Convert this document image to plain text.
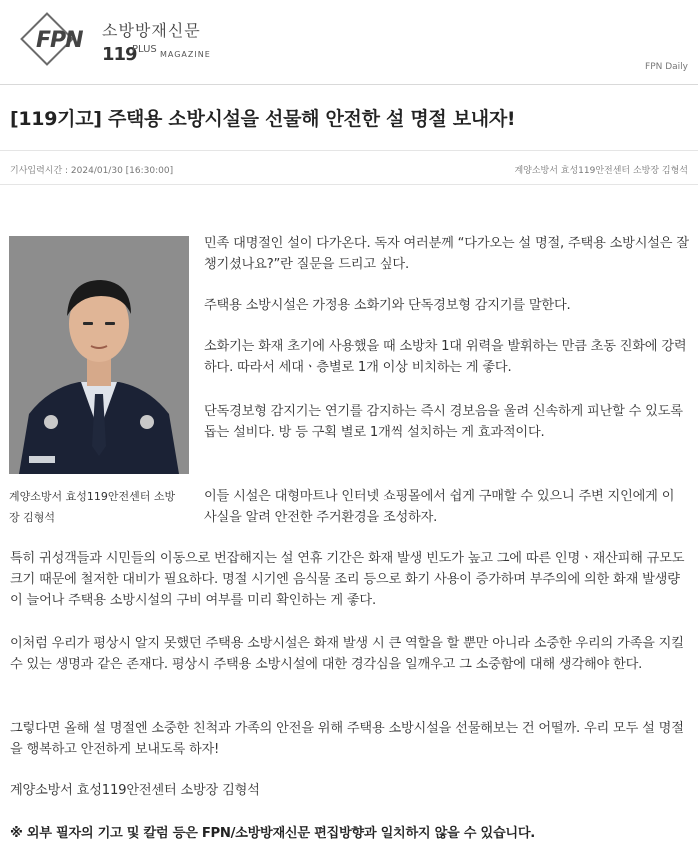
FPN 소방방재신문
119
PLUS MAGAZINE
FPN Daily
[119기고] 주택용 소방시설을 선물해 안전한 설 명절 보내자!
기사입력시간 : 2024/01/30 [16:30:00]	계양소방서 효성119안전센터 소방장 김형석
계양소방서 효성119안전센터 소방장 김형석
민족 대명절인 설이 다가온다. 독자 여러분께 “다가오는 설 명절, 주택용 소방시설은 잘 챙기셨나요?”란 질문을 드리고 싶다.
주택용 소방시설은 가정용 소화기와 단독경보형 감지기를 말한다.
소화기는 화재 초기에 사용했을 때 소방차 1대 위력을 발휘하는 만큼 초동 진화에 강력하다. 따라서 세대ㆍ층별로 1개 이상 비치하는 게 좋다.
단독경보형 감지기는 연기를 감지하는 즉시 경보음을 울려 신속하게 피난할 수 있도록 돕는 설비다. 방 등 구획 별로 1개씩 설치하는 게 효과적이다.
이들 시설은 대형마트나 인터넷 쇼핑몰에서 쉽게 구매할 수 있으니 주변 지인에게 이 사실을 알려 안전한 주거환경을 조성하자.
특히 귀성객들과 시민들의 이동으로 번잡해지는 설 연휴 기간은 화재 발생 빈도가 높고 그에 따른 인명ㆍ재산피해 규모도 크기 때문에 철저한 대비가 필요하다. 명절 시기엔 음식물 조리 등으로 화기 사용이 증가하며 부주의에 의한 화재 발생량이 늘어나 주택용 소방시설의 구비 여부를 미리 확인하는 게 좋다.
이처럼 우리가 평상시 알지 못했던 주택용 소방시설은 화재 발생 시 큰 역할을 할 뿐만 아니라 소중한 우리의 가족을 지킬 수 있는 생명과 같은 존재다. 평상시 주택용 소방시설에 대한 경각심을 일깨우고 그 소중함에 대해 생각해야 한다.
그렇다면 올해 설 명절엔 소중한 친척과 가족의 안전을 위해 주택용 소방시설을 선물해보는 건 어떨까. 우리 모두 설 명절을 행복하고 안전하게 보내도록 하자!
계양소방서 효성119안전센터 소방장 김형석
※ 외부 필자의 기고 및 칼럼 등은 FPN/소방방재신문 편집방향과 일치하지 않을 수 있습니다.
